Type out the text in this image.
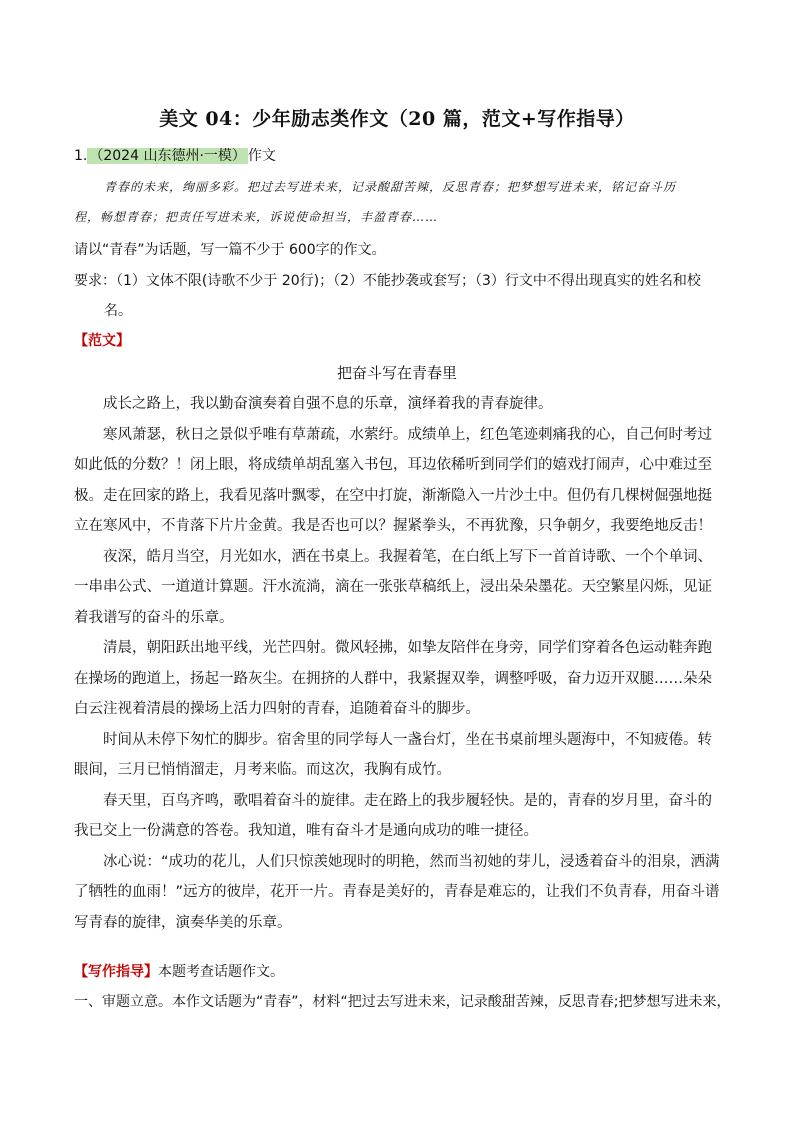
美文 04：少年励志类作文（20 篇，范文+写作指导）
1. （2024 山东德州·一模） 作文
青春的未来，绚丽多彩。把过去写进未来，记录酸甜苦辣，反思青春；把梦想写进未来，铭记奋斗历
程，畅想青春；把责任写进未来，诉说使命担当，丰盈青春……
请以“青春”为话题，写一篇不少于 600字的作文。
要求：（1）文体不限(诗歌不少于 20行)；（2）不能抄袭或套写；（3）行文中不得出现真实的姓名和校
名。
【范文】
把奋斗写在青春里

成长之路上，我以勤奋演奏着自强不息的乐章，演绎着我的青春旋律。

寒风萧瑟，秋日之景似乎唯有草萧疏，水萦纡。成绩单上，红色笔迹刺痛我的心，自己何时考过如此低的分数？！闭上眼，将成绩单胡乱塞入书包，耳边依稀听到同学们的嬉戏打闹声，心中难过至极。走在回家的路上，我看见落叶飘零，在空中打旋，渐渐隐入一片沙土中。但仍有几棵树倔强地挺立在寒风中，不肯落下片片金黄。我是否也可以？握紧拳头，不再犹豫，只争朝夕，我要绝地反击！

夜深，皓月当空，月光如水，洒在书桌上。我握着笔，在白纸上写下一首首诗歌、一个个单词、一串串公式、一道道计算题。汗水流淌，滴在一张张草稿纸上，浸出朵朵墨花。天空繁星闪烁，见证着我谱写的奋斗的乐章。

清晨，朝阳跃出地平线，光芒四射。微风轻拂，如挚友陪伴在身旁，同学们穿着各色运动鞋奔跑在操场的跑道上，扬起一路灰尘。在拥挤的人群中，我紧握双拳，调整呼吸，奋力迈开双腿……朵朵白云注视着清晨的操场上活力四射的青春，追随着奋斗的脚步。

时间从未停下匆忙的脚步。宿舍里的同学每人一盏台灯，坐在书桌前埋头题海中，不知疲倦。转眼间，三月已悄悄溜走，月考来临。而这次，我胸有成竹。

春天里，百鸟齐鸣，歌唱着奋斗的旋律。走在路上的我步履轻快。是的，青春的岁月里，奋斗的我已交上一份满意的答卷。我知道，唯有奋斗才是通向成功的唯一捷径。

冰心说：“成功的花儿，人们只惊羡她现时的明艳，然而当初她的芽儿，浸透着奋斗的泪泉，洒满了牺牲的血雨！”远方的彼岸，花开一片。青春是美好的，青春是难忘的，让我们不负青春，用奋斗谱写青春的旋律，演奏华美的乐章。

【写作指导】本题考查话题作文。
一、审题立意。本作文话题为“青春”，材料“把过去写进未来，记录酸甜苦辣，反思青春;把梦想写进未来，
